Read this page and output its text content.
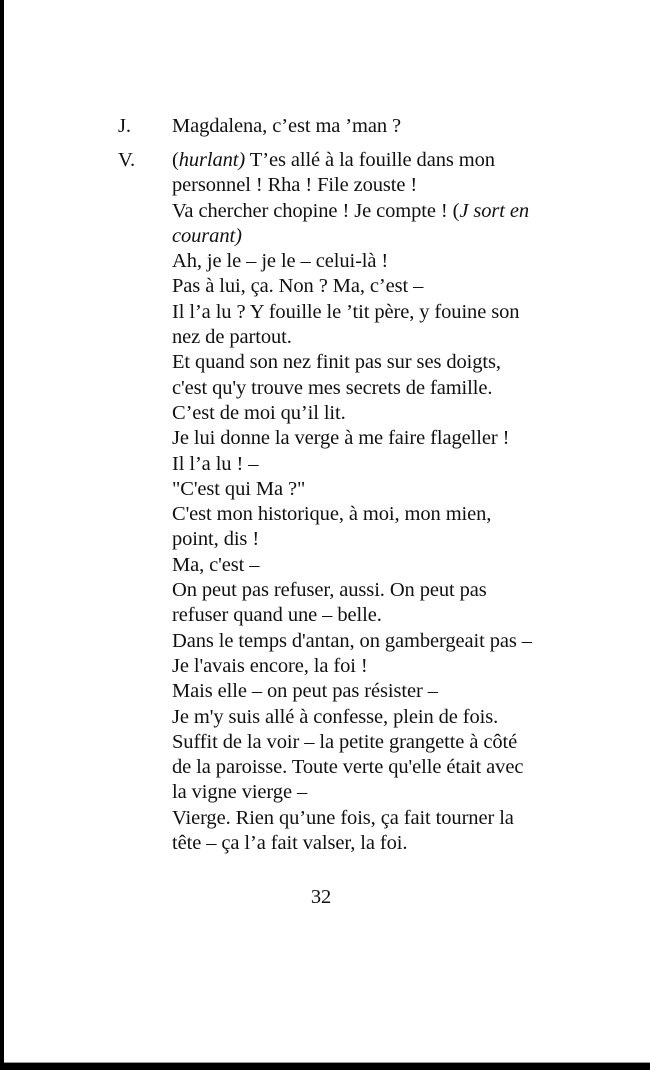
J. Magdalena, c’est ma ’man ?
V. (hurlant) T’es allé à la fouille dans mon
personnel ! Rha ! File zouste !
Va chercher chopine ! Je compte ! (J sort en
courant)
Ah, je le – je le – celui-là !
Pas à lui, ça. Non ? Ma, c’est –
Il l’a lu ? Y fouille le ’tit père, y fouine son
nez de partout.
Et quand son nez finit pas sur ses doigts,
c'est qu'y trouve mes secrets de famille.
C’est de moi qu’il lit.
Je lui donne la verge à me faire flageller !
Il l’a lu ! –
"C'est qui Ma ?"
C'est mon historique, à moi, mon mien,
point, dis !
Ma, c'est –
On peut pas refuser, aussi. On peut pas
refuser quand une – belle.
Dans le temps d'antan, on gambergeait pas –
Je l'avais encore, la foi !
Mais elle – on peut pas résister –
Je m'y suis allé à confesse, plein de fois.
Suffit de la voir – la petite grangette à côté
de la paroisse. Toute verte qu'elle était avec
la vigne vierge –
Vierge. Rien qu’une fois, ça fait tourner la
tête – ça l’a fait valser, la foi.
32
